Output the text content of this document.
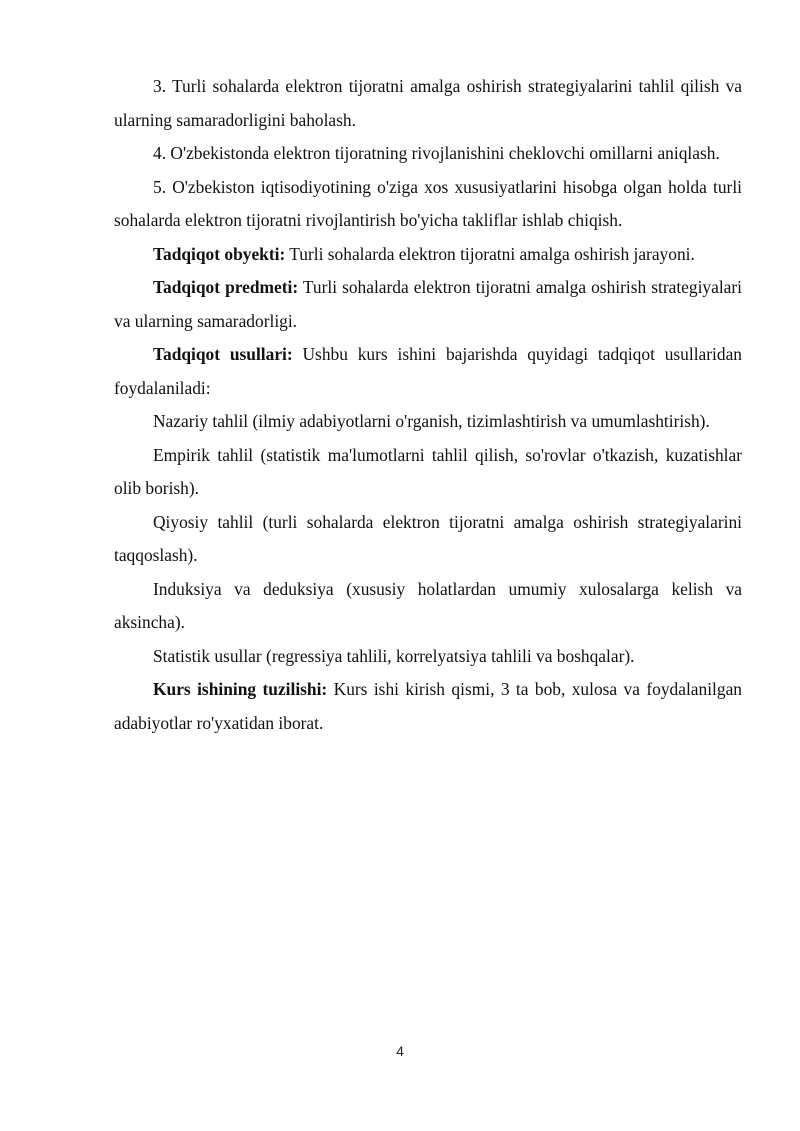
3. Turli sohalarda elektron tijoratni amalga oshirish strategiyalarini tahlil qilish va ularning samaradorligini baholash.

4. O'zbekistonda elektron tijoratning rivojlanishini cheklovchi omillarni aniqlash.

5. O'zbekiston iqtisodiyotining o'ziga xos xususiyatlarini hisobga olgan holda turli sohalarda elektron tijoratni rivojlantirish bo'yicha takliflar ishlab chiqish.

Tadqiqot obyekti: Turli sohalarda elektron tijoratni amalga oshirish jarayoni.

Tadqiqot predmeti: Turli sohalarda elektron tijoratni amalga oshirish strategiyalari va ularning samaradorligi.

Tadqiqot usullari: Ushbu kurs ishini bajarishda quyidagi tadqiqot usullaridan foydalaniladi:

Nazariy tahlil (ilmiy adabiyotlarni o'rganish, tizimlashtirish va umumlashtirish).

Empirik tahlil (statistik ma'lumotlarni tahlil qilish, so'rovlar o'tkazish, kuzatishlar olib borish).

Qiyosiy tahlil (turli sohalarda elektron tijoratni amalga oshirish strategiyalarini taqqoslash).

Induksiya va deduksiya (xususiy holatlardan umumiy xulosalarga kelish va aksincha).

Statistik usullar (regressiya tahlili, korrelyatsiya tahlili va boshqalar).

Kurs ishining tuzilishi: Kurs ishi kirish qismi, 3 ta bob, xulosa va foydalanilgan adabiyotlar ro'yxatidan iborat.

4
